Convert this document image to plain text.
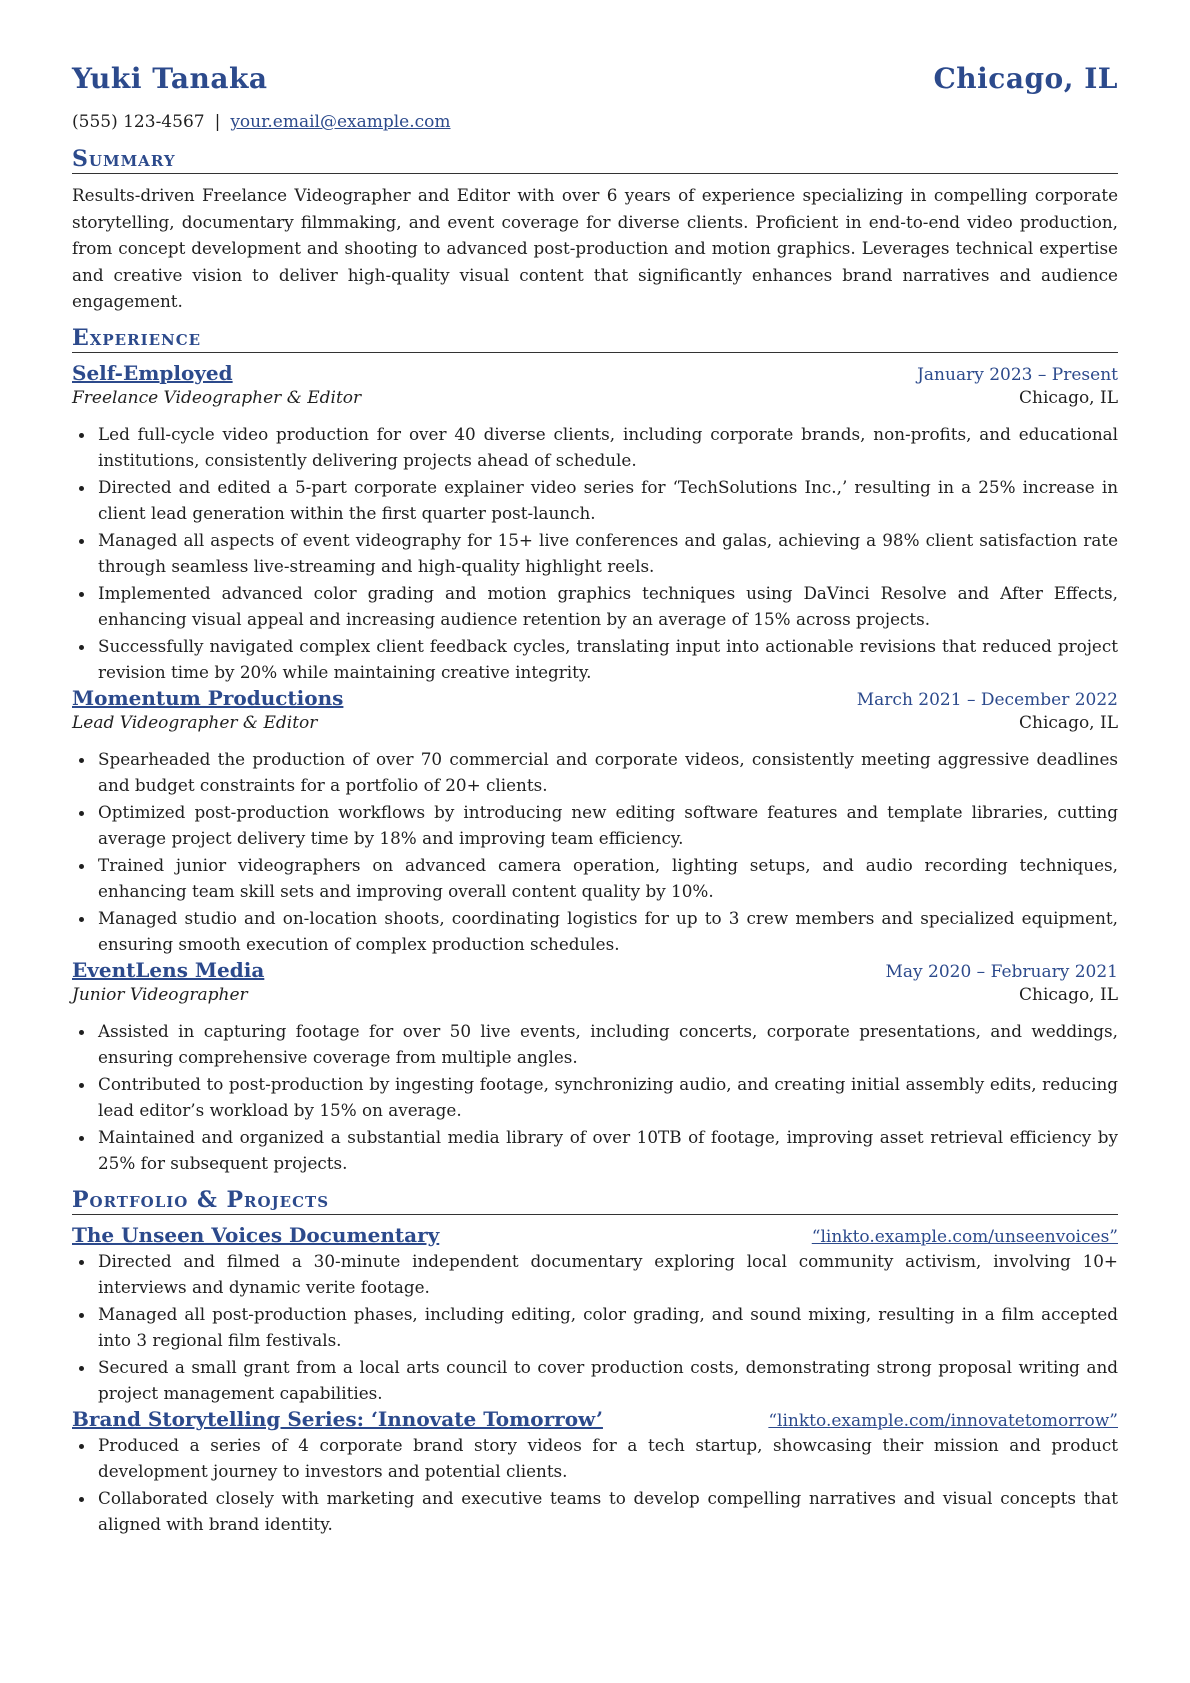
Yuki Tanaka	Chicago, IL
(555) 123-4567 | your.email@example.com
Summary

Results-driven Freelance Videographer and Editor with over 6 years of experience specializing in compelling corporate storytelling, documentary filmmaking, and event coverage for diverse clients. Proficient in end-to-end video production, from concept development and shooting to advanced post-production and motion graphics. Leverages technical expertise and creative vision to deliver high-quality visual content that significantly enhances brand narratives and audience engagement.

Experience
Self-Employed	January 2023 – Present
Freelance Videographer & Editor	Chicago, IL
• Led full-cycle video production for over 40 diverse clients, including corporate brands, non-profits, and educational institutions, consistently delivering projects ahead of schedule.
• Directed and edited a 5-part corporate explainer video series for ‘TechSolutions Inc.,’ resulting in a 25% increase in client lead generation within the first quarter post-launch.
• Managed all aspects of event videography for 15+ live conferences and galas, achieving a 98% client satisfaction rate through seamless live-streaming and high-quality highlight reels.
• Implemented advanced color grading and motion graphics techniques using DaVinci Resolve and After Effects, enhancing visual appeal and increasing audience retention by an average of 15% across projects.
• Successfully navigated complex client feedback cycles, translating input into actionable revisions that reduced project revision time by 20% while maintaining creative integrity.
Momentum Productions	March 2021 – December 2022
Lead Videographer & Editor	Chicago, IL
• Spearheaded the production of over 70 commercial and corporate videos, consistently meeting aggressive deadlines and budget constraints for a portfolio of 20+ clients.
• Optimized post-production workflows by introducing new editing software features and template libraries, cutting average project delivery time by 18% and improving team efficiency.
• Trained junior videographers on advanced camera operation, lighting setups, and audio recording techniques, enhancing team skill sets and improving overall content quality by 10%.
• Managed studio and on-location shoots, coordinating logistics for up to 3 crew members and specialized equipment, ensuring smooth execution of complex production schedules.
EventLens Media	May 2020 – February 2021
Junior Videographer	Chicago, IL
• Assisted in capturing footage for over 50 live events, including concerts, corporate presentations, and weddings, ensuring comprehensive coverage from multiple angles.
• Contributed to post-production by ingesting footage, synchronizing audio, and creating initial assembly edits, reducing lead editor’s workload by 15% on average.
• Maintained and organized a substantial media library of over 10TB of footage, improving asset retrieval efficiency by 25% for subsequent projects.
Portfolio & Projects
The Unseen Voices Documentary	“linkto.example.com/unseenvoices”
• Directed and filmed a 30-minute independent documentary exploring local community activism, involving 10+ interviews and dynamic verite footage.
• Managed all post-production phases, including editing, color grading, and sound mixing, resulting in a film accepted into 3 regional film festivals.
• Secured a small grant from a local arts council to cover production costs, demonstrating strong proposal writing and project management capabilities.
Brand Storytelling Series: ‘Innovate Tomorrow’	“linkto.example.com/innovatetomorrow”
• Produced a series of 4 corporate brand story videos for a tech startup, showcasing their mission and product development journey to investors and potential clients.
• Collaborated closely with marketing and executive teams to develop compelling narratives and visual concepts that aligned with brand identity.
